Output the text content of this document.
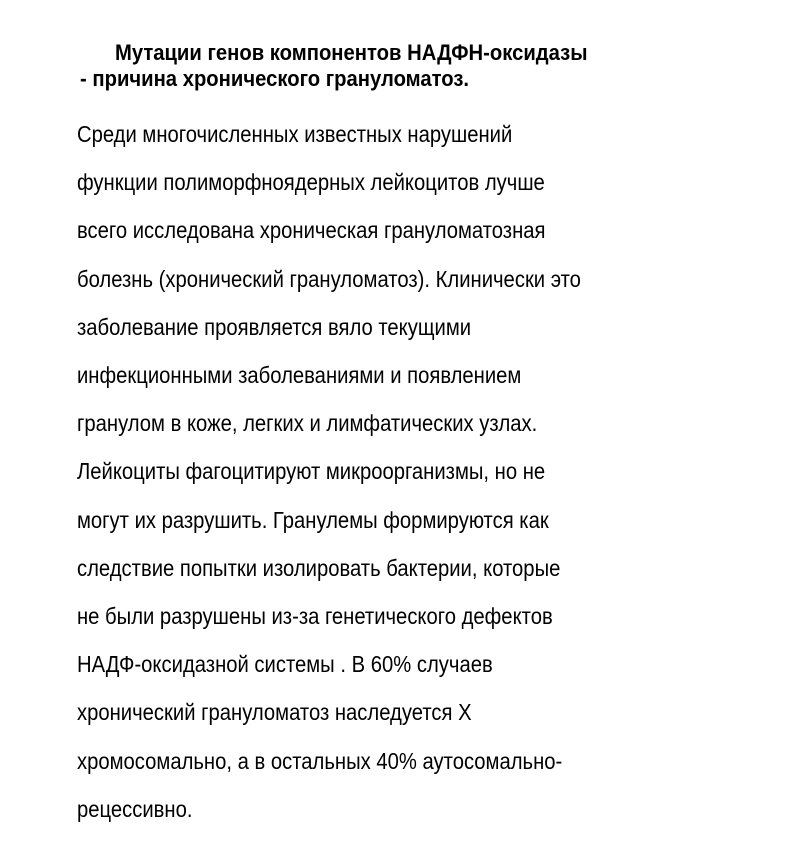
Мутации генов компонентов НАДФН-оксидазы
- причина хронического грануломатоз.

Среди многочисленных известных нарушений

функции полиморфноядерных лейкоцитов лучше

всего исследована хроническая грануломатозная

болезнь (хронический грануломатоз). Клинически это

заболевание проявляется вяло текущими

инфекционными заболеваниями и появлением

гранулом в коже, легких и лимфатических узлах.

Лейкоциты фагоцитируют микроорганизмы, но не

могут их разрушить. Гранулемы формируются как

следствие попытки изолировать бактерии, которые

не были разрушены из-за генетического дефектов

НАДФ-оксидазной системы . В 60% случаев

хронический грануломатоз наследуется Х

хромосомально, а в остальных 40% аутосомально-

рецессивно.
